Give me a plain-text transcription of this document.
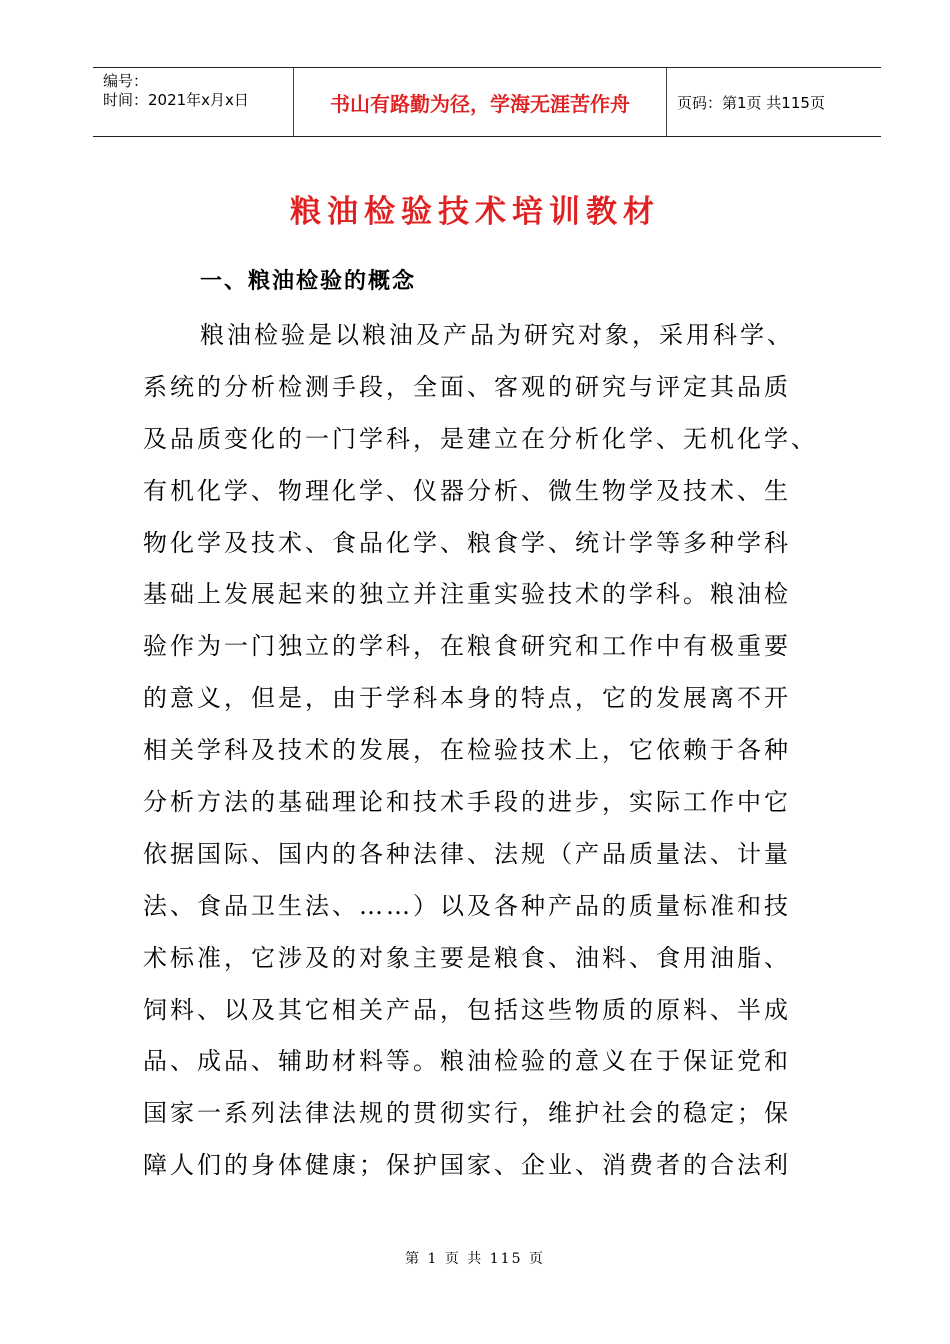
编号：
时间：2021年x月x日	书山有路勤为径，学海无涯苦作舟	页码：第1页 共115页
粮油检验技术培训教材
一、粮油检验的概念
粮油检验是以粮油及产品为研究对象，采用科学、
系统的分析检测手段，全面、客观的研究与评定其品质
及品质变化的一门学科，是建立在分析化学、无机化学、
有机化学、物理化学、仪器分析、微生物学及技术、生
物化学及技术、食品化学、粮食学、统计学等多种学科
基础上发展起来的独立并注重实验技术的学科。粮油检
验作为一门独立的学科，在粮食研究和工作中有极重要
的意义，但是，由于学科本身的特点，它的发展离不开
相关学科及技术的发展，在检验技术上，它依赖于各种
分析方法的基础理论和技术手段的进步，实际工作中它
依据国际、国内的各种法律、法规（产品质量法、计量
法、食品卫生法、……）以及各种产品的质量标准和技
术标准，它涉及的对象主要是粮食、油料、食用油脂、
饲料、以及其它相关产品，包括这些物质的原料、半成
品、成品、辅助材料等。粮油检验的意义在于保证党和
国家一系列法律法规的贯彻实行，维护社会的稳定；保
障人们的身体健康；保护国家、企业、消费者的合法利
第 1 页 共 115 页
